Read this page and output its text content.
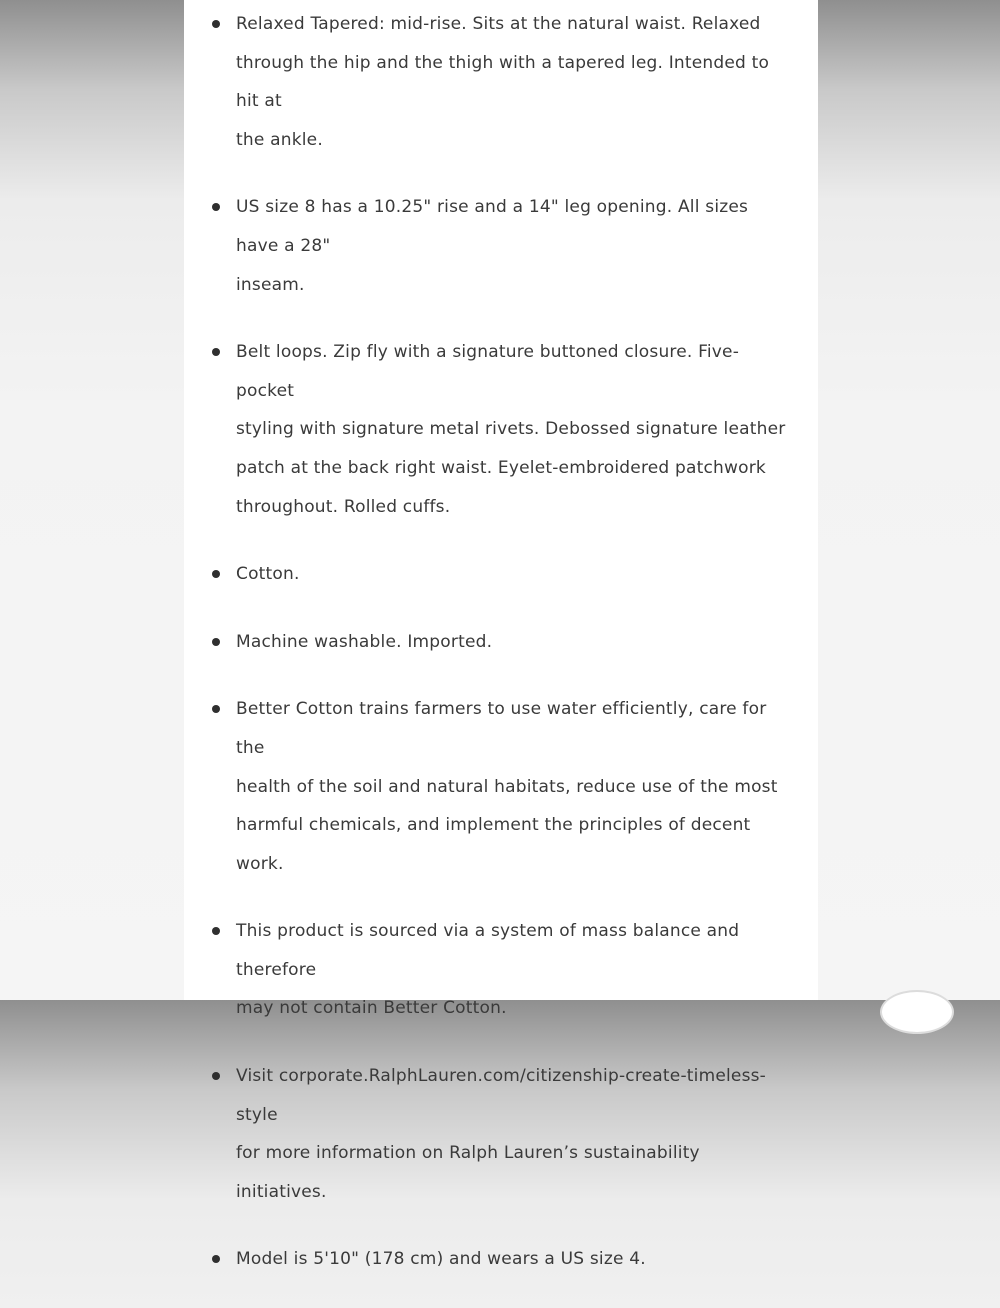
Relaxed Tapered: mid-rise. Sits at the natural waist. Relaxed
through the hip and the thigh with a tapered leg. Intended to hit at
the ankle.
US size 8 has a 10.25" rise and a 14" leg opening. All sizes have a 28"
inseam.
Belt loops. Zip fly with a signature buttoned closure. Five-pocket
styling with signature metal rivets. Debossed signature leather
patch at the back right waist. Eyelet-embroidered patchwork
throughout. Rolled cuffs.
Cotton.
Machine washable. Imported.
Better Cotton trains farmers to use water efficiently, care for the
health of the soil and natural habitats, reduce use of the most
harmful chemicals, and implement the principles of decent work.
This product is sourced via a system of mass balance and therefore
may not contain Better Cotton.
Visit corporate.RalphLauren.com/citizenship-create-timeless-style
for more information on Ralph Lauren’s sustainability initiatives.
Model is 5'10" (178 cm) and wears a US size 4.
